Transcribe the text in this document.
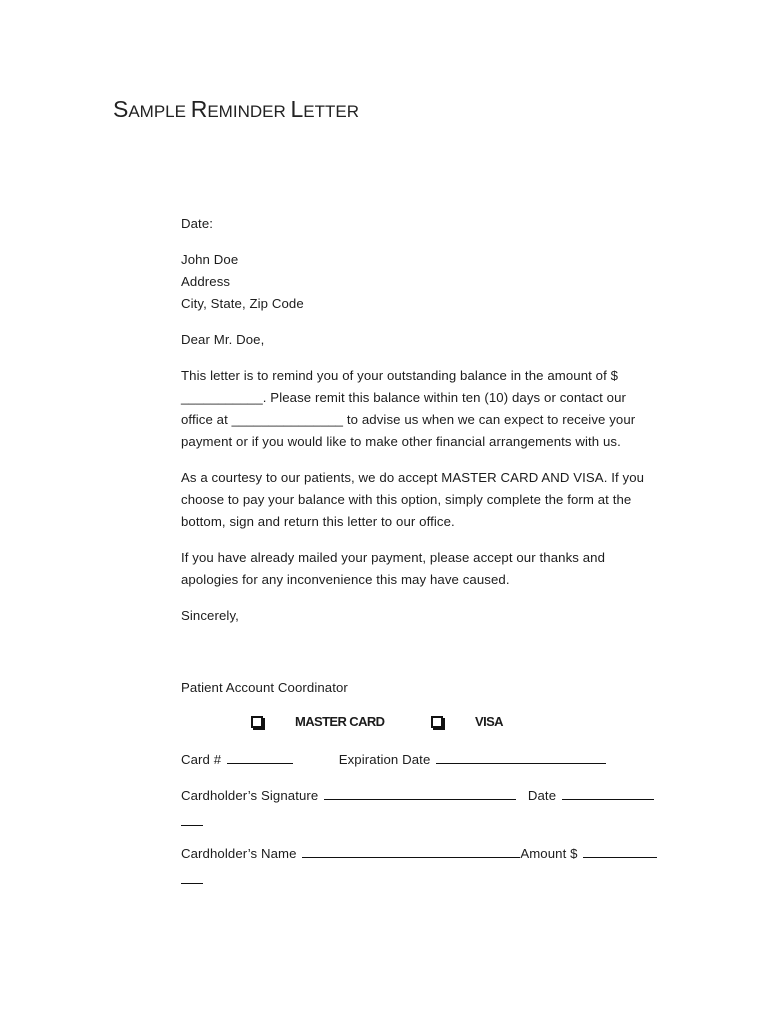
SAMPLE REMINDER LETTER

Date:

John Doe

Address

City, State, Zip Code

Dear Mr. Doe,

This letter is to remind you of your outstanding balance in the amount of $

___________. Please remit this balance within ten (10) days or contact our

office at _______________ to advise us when we can expect to receive your

payment or if you would like to make other financial arrangements with us.

As a courtesy to our patients, we do accept MASTER CARD AND VISA. If you

choose to pay your balance with this option, simply complete the form at the

bottom, sign and return this letter to our office.

If you have already mailed your payment, please accept our thanks and

apologies for any inconvenience this may have caused.

Sincerely,

Patient Account Coordinator

MASTER CARD	VISA
Card #	Expiration Date
Cardholder’s Signature	Date
Cardholder’s Name	Amount $
